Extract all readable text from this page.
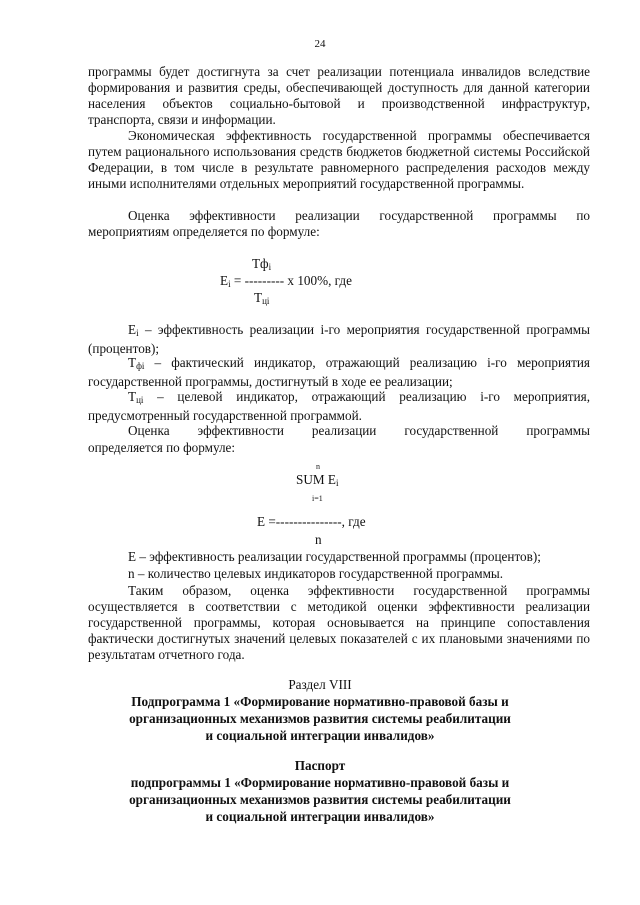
24

программы будет достигнута за счет реализации потенциала инвалидов вследствие формирования и развития среды, обеспечивающей доступность для данной категории населения объектов социально-бытовой и производственной инфраструктур, транспорта, связи и информации.

Экономическая эффективность государственной программы обеспечивается путем рационального использования средств бюджетов бюджетной системы Российской Федерации, в том числе в результате равномерного распределения расходов между иными исполнителями отдельных мероприятий государственной программы.

Оценка эффективности реализации государственной программы по

мероприятиям определяется по формуле:

$Тф_i$
$E_i$ = --------- x 100%, где
$Т_{цi}$

$Е_i$ – эффективность реализации i-го мероприятия государственной программы (процентов);

$Т_{фi}$ – фактический индикатор, отражающий реализацию i-го мероприятия государственной программы, достигнутый в ходе ее реализации;

$Т_{цi}$ – целевой индикатор, отражающий реализацию i-го мероприятия, предусмотренный государственной программой.

Оценка эффективности реализации государственной программы

определяется по формуле:

n
SUM $E_i$
i=1
E =---------------, где
n

E – эффективность реализации государственной программы (процентов);

n – количество целевых индикаторов государственной программы.

Таким образом, оценка эффективности государственной программы осуществляется в соответствии с методикой оценки эффективности реализации государственной программы, которая основывается на принципе сопоставления фактически достигнутых значений целевых показателей с их плановыми значениями по результатам отчетного года.

Раздел VIII

Подпрограмма 1 «Формирование нормативно-правовой базы и

организационных механизмов развития системы реабилитации

и социальной интеграции инвалидов»

Паспорт

подпрограммы 1 «Формирование нормативно-правовой базы и

организационных механизмов развития системы реабилитации

и социальной интеграции инвалидов»
